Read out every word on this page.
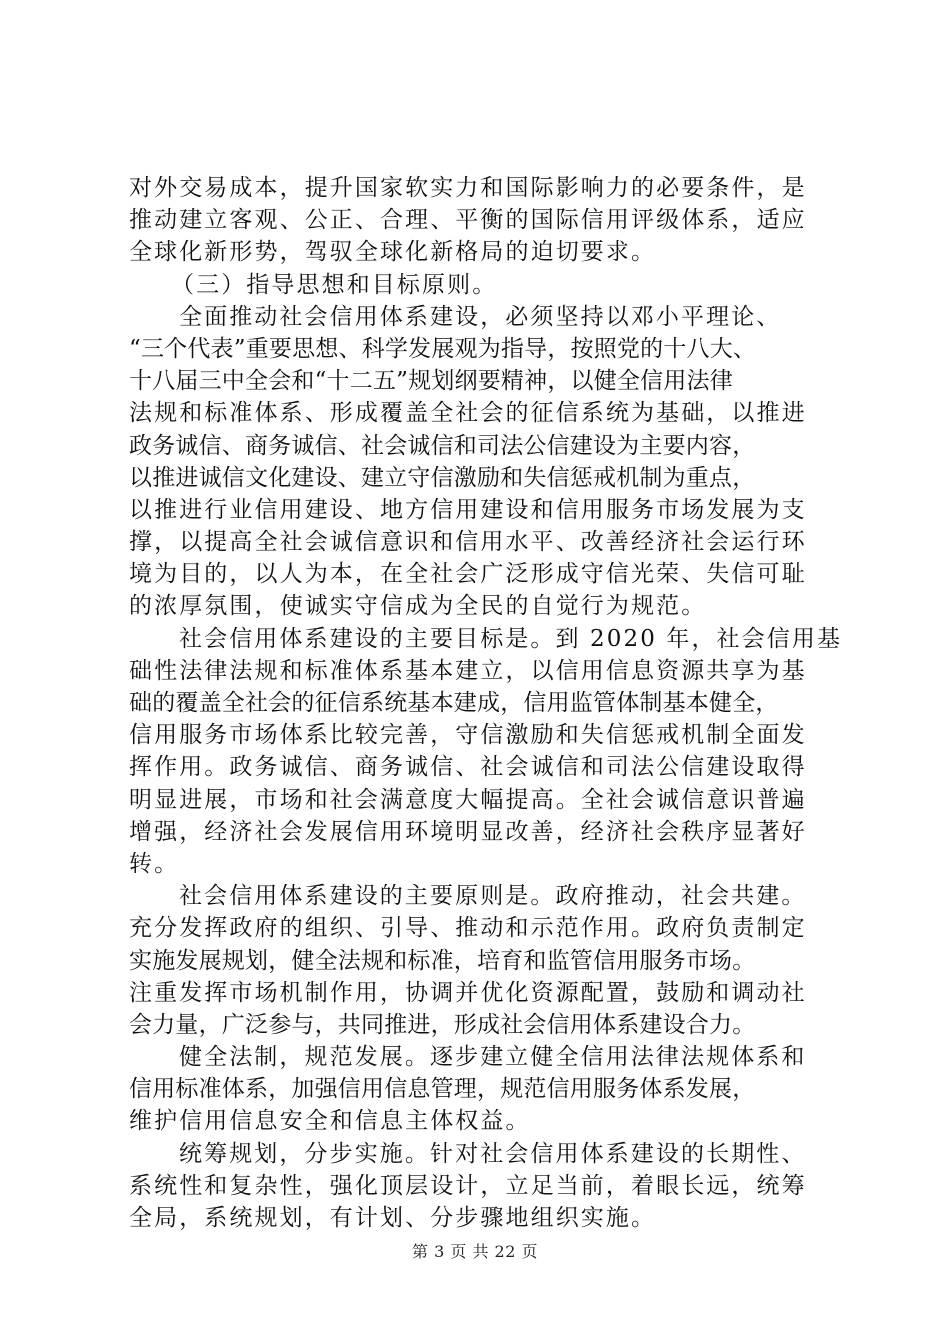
对外交易成本，提升国家软实力和国际影响力的必要条件，是
推动建立客观、公正、合理、平衡的国际信用评级体系，适应
全球化新形势，驾驭全球化新格局的迫切要求。
（三）指导思想和目标原则。
全面推动社会信用体系建设，必须坚持以邓小平理论、
“三个代表”重要思想、科学发展观为指导，按照党的十八大、
十八届三中全会和“十二五”规划纲要精神，以健全信用法律
法规和标准体系、形成覆盖全社会的征信系统为基础，以推进
政务诚信、商务诚信、社会诚信和司法公信建设为主要内容，
以推进诚信文化建设、建立守信激励和失信惩戒机制为重点，
以推进行业信用建设、地方信用建设和信用服务市场发展为支
撑，以提高全社会诚信意识和信用水平、改善经济社会运行环
境为目的，以人为本，在全社会广泛形成守信光荣、失信可耻
的浓厚氛围，使诚实守信成为全民的自觉行为规范。
社会信用体系建设的主要目标是。到 2020 年，社会信用基
础性法律法规和标准体系基本建立，以信用信息资源共享为基
础的覆盖全社会的征信系统基本建成，信用监管体制基本健全，
信用服务市场体系比较完善，守信激励和失信惩戒机制全面发
挥作用。政务诚信、商务诚信、社会诚信和司法公信建设取得
明显进展，市场和社会满意度大幅提高。全社会诚信意识普遍
增强，经济社会发展信用环境明显改善，经济社会秩序显著好
转。
社会信用体系建设的主要原则是。政府推动，社会共建。
充分发挥政府的组织、引导、推动和示范作用。政府负责制定
实施发展规划，健全法规和标准，培育和监管信用服务市场。
注重发挥市场机制作用，协调并优化资源配置，鼓励和调动社
会力量，广泛参与，共同推进，形成社会信用体系建设合力。
健全法制，规范发展。逐步建立健全信用法律法规体系和
信用标准体系，加强信用信息管理，规范信用服务体系发展，
维护信用信息安全和信息主体权益。
统筹规划，分步实施。针对社会信用体系建设的长期性、
系统性和复杂性，强化顶层设计，立足当前，着眼长远，统筹
全局，系统规划，有计划、分步骤地组织实施。
第 3 页 共 22 页
